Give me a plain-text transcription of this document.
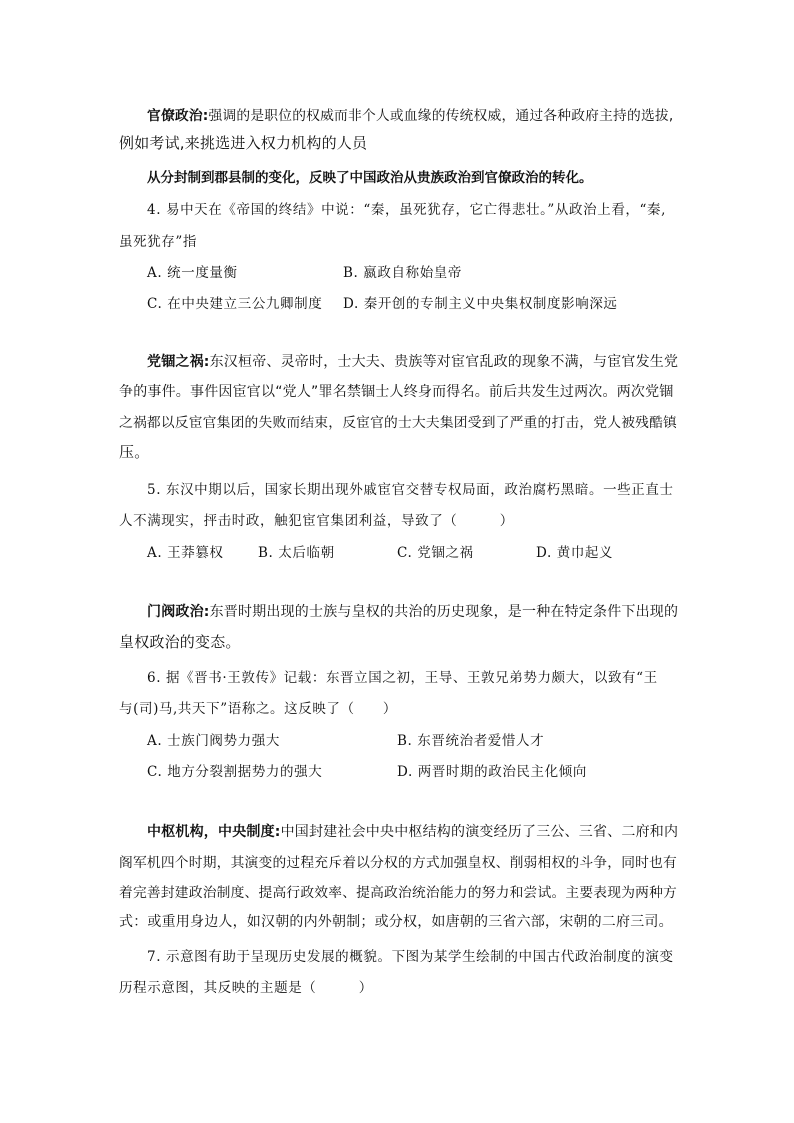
官僚政治:强调的是职位的权威而非个人或血缘的传统权威，通过各种政府主持的选拔,
例如考试,来挑选进入权力机构的人员
从分封制到郡县制的变化，反映了中国政治从贵族政治到官僚政治的转化。
4. 易中天在《帝国的终结》中说：“秦，虽死犹存，它亡得悲壮。”从政治上看，“秦,
虽死犹存”指
A. 统一度量衡	B. 嬴政自称始皇帝
C. 在中央建立三公九卿制度 D. 秦开创的专制主义中央集权制度影响深远
党锢之祸:东汉桓帝、灵帝时，士大夫、贵族等对宦官乱政的现象不满，与宦官发生党
争的事件。事件因宦官以“党人”罪名禁锢士人终身而得名。前后共发生过两次。两次党锢
之祸都以反宦官集团的失败而结束，反宦官的士大夫集团受到了严重的打击，党人被残酷镇
压。
5. 东汉中期以后，国家长期出现外戚宦官交替专权局面，政治腐朽黑暗。一些正直士
人不满现实，抨击时政，触犯宦官集团利益，导致了（　　　）
A. 王莽篡权	B. 太后临朝	C. 党锢之祸	D. 黄巾起义
门阀政治:东晋时期出现的士族与皇权的共治的历史现象，是一种在特定条件下出现的
皇权政治的变态。
6. 据《晋书·王敦传》记载：东晋立国之初，王导、王敦兄弟势力颇大，以致有“王
与(司)马,共天下”语称之。这反映了（　　）
A. 士族门阀势力强大	B. 东晋统治者爱惜人才
C. 地方分裂割据势力的强大	D. 两晋时期的政治民主化倾向
中枢机构，中央制度:中国封建社会中央中枢结构的演变经历了三公、三省、二府和内
阁军机四个时期，其演变的过程充斥着以分权的方式加强皇权、削弱相权的斗争，同时也有
着完善封建政治制度、提高行政效率、提高政治统治能力的努力和尝试。主要表现为两种方
式：或重用身边人，如汉朝的内外朝制；或分权，如唐朝的三省六部，宋朝的二府三司。
7. 示意图有助于呈现历史发展的概貌。下图为某学生绘制的中国古代政治制度的演变
历程示意图，其反映的主题是（　　　）
